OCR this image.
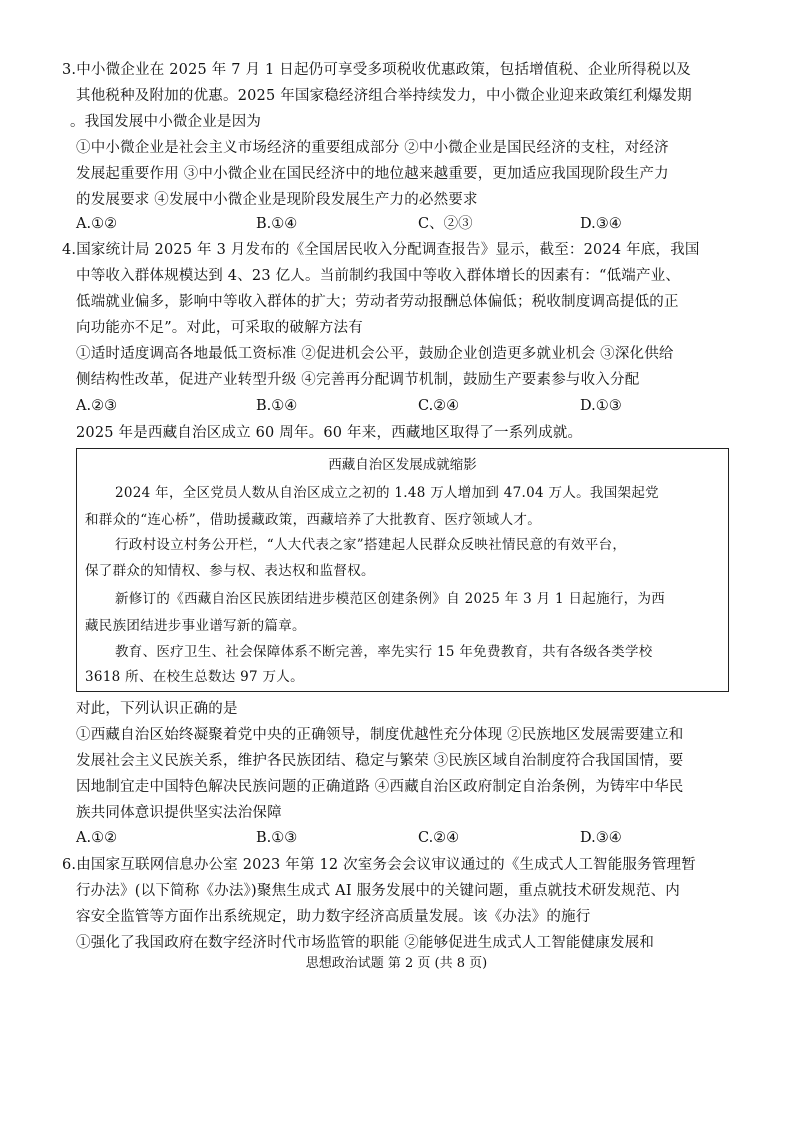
3.中小微企业在 2025 年 7 月 1 日起仍可享受多项税收优惠政策，包括增值税、企业所得税以及
其他税种及附加的优惠。2025 年国家稳经济组合举持续发力，中小微企业迎来政策红利爆发期
。我国发展中小微企业是因为
①中小微企业是社会主义市场经济的重要组成部分 ②中小微企业是国民经济的支柱，对经济
发展起重要作用 ③中小微企业在国民经济中的地位越来越重要，更加适应我国现阶段生产力
的发展要求 ④发展中小微企业是现阶段发展生产力的必然要求
A.①②	B.①④	C、②③	D.③④
4.国家统计局 2025 年 3 月发布的《全国居民收入分配调查报告》显示，截至：2024 年底，我国
中等收入群体规模达到 4、23 亿人。当前制约我国中等收入群体增长的因素有：“低端产业、
低端就业偏多，影响中等收入群体的扩大；劳动者劳动报酬总体偏低；税收制度调高提低的正
向功能亦不足”。对此，可采取的破解方法有
①适时适度调高各地最低工资标准 ②促进机会公平，鼓励企业创造更多就业机会 ③深化供给
侧结构性改革，促进产业转型升级 ④完善再分配调节机制，鼓励生产要素参与收入分配
A.②③	B.①④	C.②④	D.①③
2025 年是西藏自治区成立 60 周年。60 年来，西藏地区取得了一系列成就。
西藏自治区发展成就缩影
2024 年，全区党员人数从自治区成立之初的 1.48 万人增加到 47.04 万人。我国架起党
和群众的“连心桥”，借助援藏政策，西藏培养了大批教育、医疗领域人才。
行政村设立村务公开栏，“人大代表之家”搭建起人民群众反映社情民意的有效平台，
保了群众的知情权、参与权、表达权和监督权。
新修订的《西藏自治区民族团结进步模范区创建条例》自 2025 年 3 月 1 日起施行，为西
藏民族团结进步事业谱写新的篇章。
教育、医疗卫生、社会保障体系不断完善，率先实行 15 年免费教育，共有各级各类学校
3618 所、在校生总数达 97 万人。
对此，下列认识正确的是
①西藏自治区始终凝聚着党中央的正确领导，制度优越性充分体现 ②民族地区发展需要建立和
发展社会主义民族关系，维护各民族团结、稳定与繁荣 ③民族区域自治制度符合我国国情，要
因地制宜走中国特色解决民族问题的正确道路 ④西藏自治区政府制定自治条例，为铸牢中华民
族共同体意识提供坚实法治保障
A.①②	B.①③	C.②④	D.③④
6.由国家互联网信息办公室 2023 年第 12 次室务会会议审议通过的《生成式人工智能服务管理暂
行办法》(以下简称《办法》)聚焦生成式 AI 服务发展中的关键问题，重点就技术研发规范、内
容安全监管等方面作出系统规定，助力数字经济高质量发展。该《办法》的施行
①强化了我国政府在数字经济时代市场监管的职能 ②能够促进生成式人工智能健康发展和
思想政治试题 第 2 页 (共 8 页)
